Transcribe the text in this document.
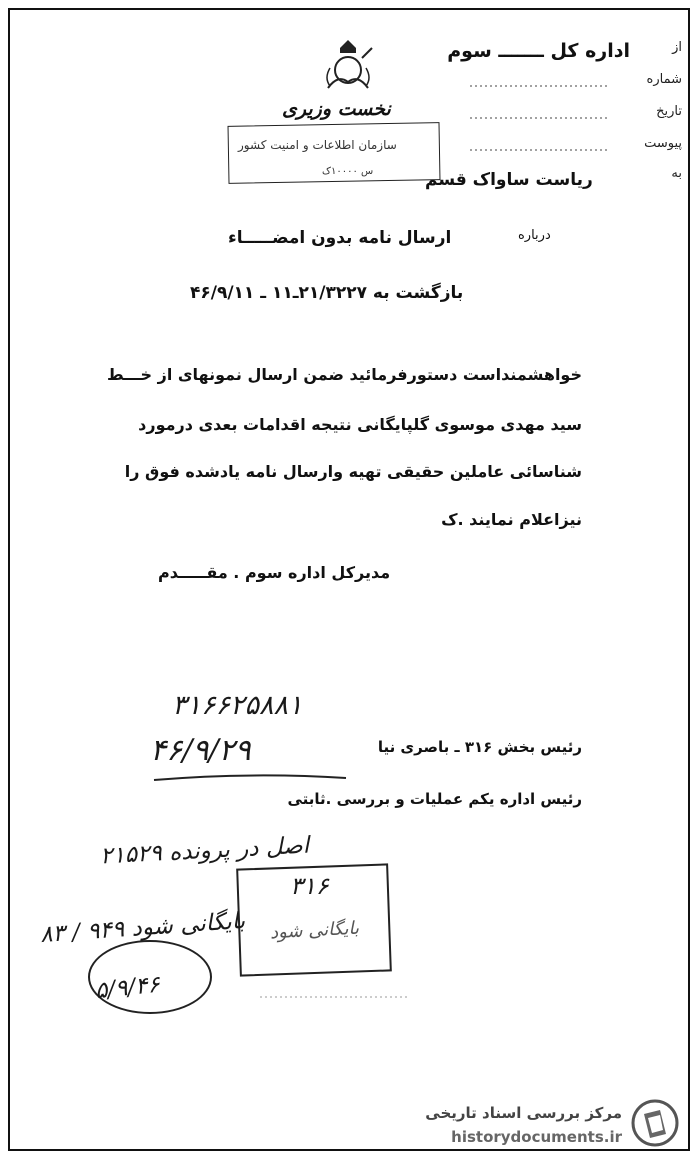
از
اداره کل ـــــــ سوم
شماره
تاریخ
پیوست
به
نخست وزیری
سازمان اطلاعات و امنیت کشور
س ۱۰۰۰۰ک	ریاست ساواک قسم
درباره
ارسال نامه بدون امضـــــاء
بازگشت به ۲۱/۳۲۲۷ـ۱۱ ـ ۴۶/۹/۱۱
خواهشمنداست دستورفرمائید ضمن ارسال نمونهای از خـــط
سید مهدی موسوی گلپایگانی نتیجه اقدامات بعدی درمورد
شناسائی عاملین حقیقی تهیه وارسال نامه یادشده فوق را
نیزاعلام نمایند .ک
مدیرکل اداره سوم . مقـــــدم
۳۱۶۶۲۵۸۸۱
۴۶/۹/۲۹	رئیس بخش ۳۱۶ ـ باصری نیا
رئیس اداره یکم عملیات و بررسی .ثابتی
اصل در پرونده ۲۱۵۲۹
۳۱۶
بایگانی شود
بایگانی شود ۹۴۹ / ۸۳
۵/۹/۴۶
مرکز بررسی اسناد تاریخی
historydocuments.ir
